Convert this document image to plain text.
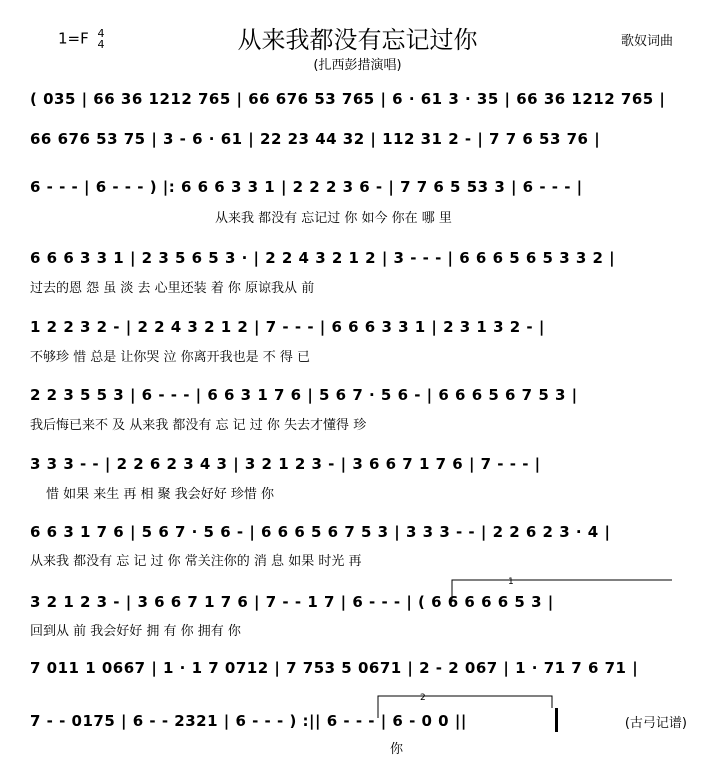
1=F 4
4	从来我都没有忘记过你
(扎西彭措演唱)
歌奴词曲
( 035 | 66 36 1212 765 | 66 676 53 765 | 6 · 61 3 · 35 | 66 36 1212 765 |
66 676 53 75 | 3 - 6 · 61 | 22 23 44 32 | 112 31 2 - | 7 7 6 53 76 |
6 - - - | 6 - - - ) |: 6 6 6 3 3 1 | 2 2 2 3 6 - | 7 7 6 5 53 3 | 6 - - - |
从来我 都没有 忘记过 你 如今 你在 哪 里
6 6 6 3 3 1 | 2 3 5 6 5 3 · | 2 2 4 3 2 1 2 | 3 - - - | 6 6 6 5 6 5 3 3 2 |
过去的恩 怨 虽 淡 去 心里还装 着 你 原谅我从 前
1 2 2 3 2 - | 2 2 4 3 2 1 2 | 7 - - - | 6 6 6 3 3 1 | 2 3 1 3 2 - |
不够珍 惜 总是 让你哭 泣 你离开我也是 不 得 已
2 2 3 5 5 3 | 6 - - - | 6 6 3 1 7 6 | 5 6 7 · 5 6 - | 6 6 6 5 6 7 5 3 |
我后悔已来不 及 从来我 都没有 忘 记 过 你 失去才懂得 珍
3 3 3 - - | 2 2 6 2 3 4 3 | 3 2 1 2 3 - | 3 6 6 7 1 7 6 | 7 - - - |
惜 如果 来生 再 相 聚 我会好好 珍惜 你
6 6 3 1 7 6 | 5 6 7 · 5 6 - | 6 6 6 5 6 7 5 3 | 3 3 3 - - | 2 2 6 2 3 · 4 |
从来我 都没有 忘 记 过 你 常关注你的 消 息 如果 时光 再
3 2 1 2 3 - | 3 6 6 7 1 7 6 | 7 - - 1 7 | 6 - - - | ( 6 6 6 6 6 5 3 |
回到从 前 我会好好 拥 有 你 拥有 你
7 011 1 0667 | 1 · 1 7 0712 | 7 753 5 0671 | 2 - 2 067 | 1 · 71 7 6 71 |
7 - - 0175 | 6 - - 2321 | 6 - - - ) :|| 6 - - - | 6 - 0 0 ||
你
(古弓记谱)
1
2
